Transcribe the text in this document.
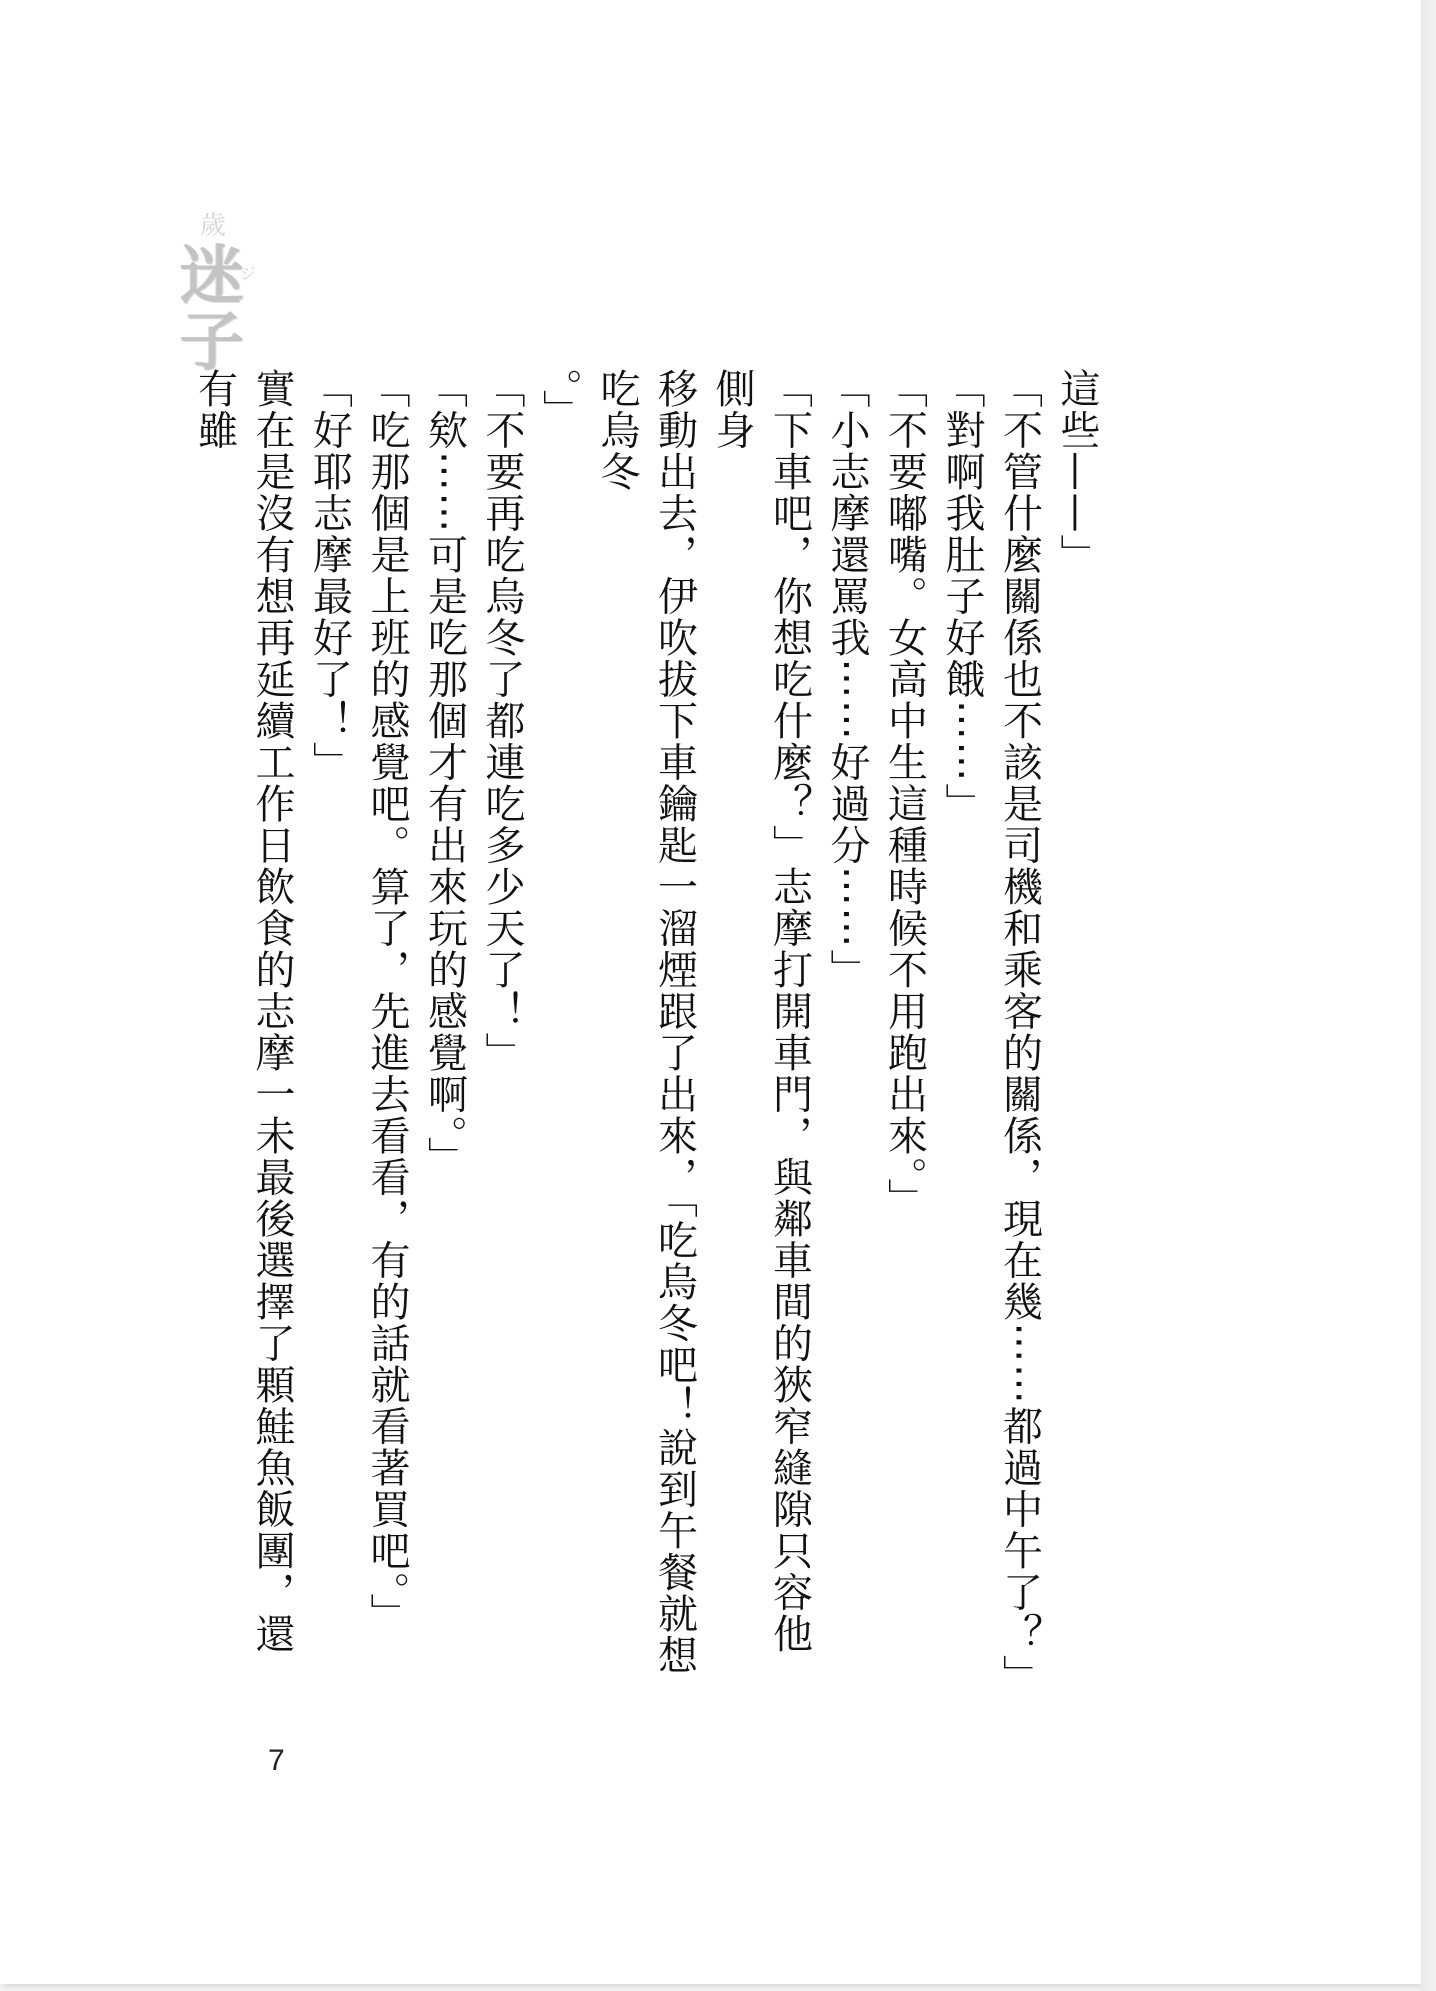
歲
迷
ジ
子

這些——」

「不管什麼關係也不該是司機和乘客的關係，現在幾⋯⋯都過中午了？」

「對啊我肚子好餓⋯⋯」

「不要嘟嘴。女高中生這種時候不用跑出來。」

「小志摩還罵我⋯⋯好過分⋯⋯」

「下車吧，你想吃什麼？」志摩打開車門，與鄰車間的狹窄縫隙只容他側身

移動出去，伊吹拔下車鑰匙一溜煙跟了出來，「吃烏冬吧！說到午餐就想吃烏冬

。」

「不要再吃烏冬了都連吃多少天了！」

「欸⋯⋯可是吃那個才有出來玩的感覺啊。」

「吃那個是上班的感覺吧。算了，先進去看看，有的話就看著買吧。」

「好耶志摩最好了！」

實在是沒有想再延續工作日飲食的志摩一未最後選擇了顆鮭魚飯團，還有雖

7
